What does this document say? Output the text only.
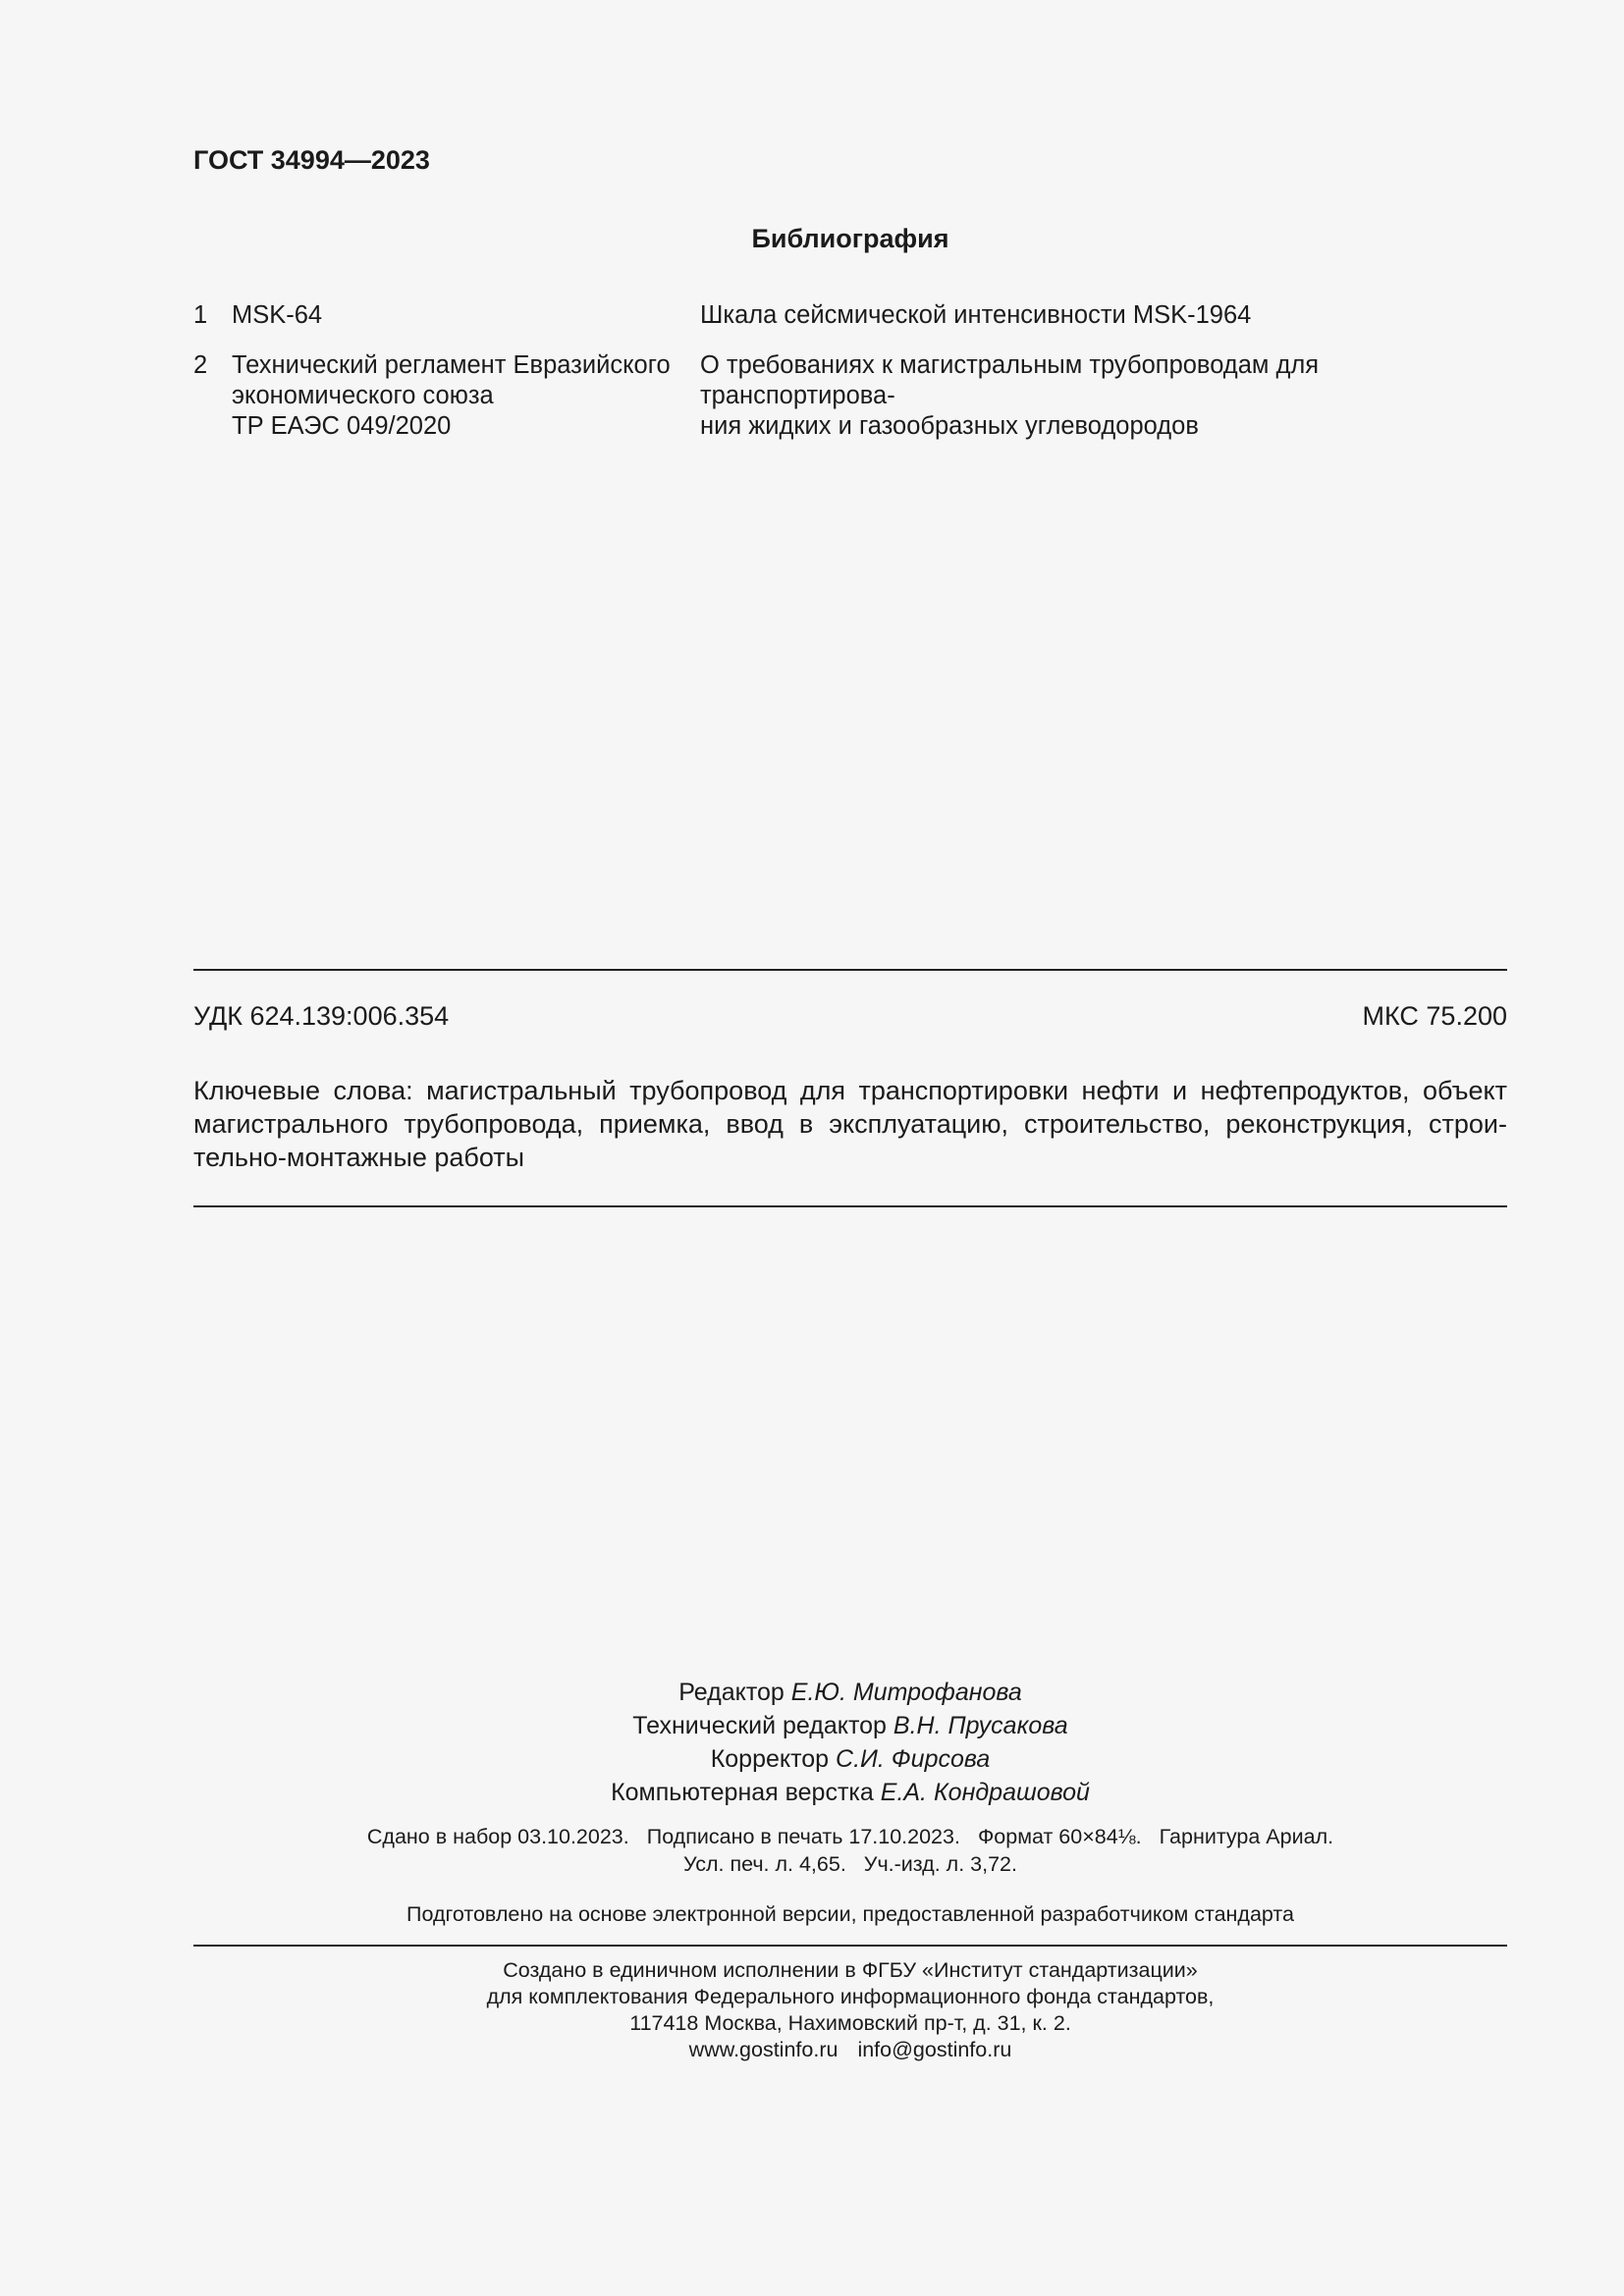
ГОСТ 34994—2023
Библиография
1 MSK-64	Шкала сейсмической интенсивности MSK-1964
2 Технический регламент Евразийского
экономического союза
ТР ЕАЭС 049/2020
О требованиях к магистральным трубопроводам для транспортирова-
ния жидких и газообразных углеводородов
УДК 624.139:006.354	МКС 75.200
Ключевые слова: магистральный трубопровод для транспортировки нефти и нефтепродуктов, объект магистрального трубопровода, приемка, ввод в эксплуатацию, строительство, реконструкция, строительно-монтажные работы
Редактор Е.Ю. Митрофанова
Технический редактор В.Н. Прусакова
Корректор С.И. Фирсова
Компьютерная верстка Е.А. Кондрашовой
Сдано в набор 03.10.2023. Подписано в печать 17.10.2023. Формат 60×84⅛. Гарнитура Ариал.
Усл. печ. л. 4,65. Уч.-изд. л. 3,72.
Подготовлено на основе электронной версии, предоставленной разработчиком стандарта
Создано в единичном исполнении в ФГБУ «Институт стандартизации»
для комплектования Федерального информационного фонда стандартов,
117418 Москва, Нахимовский пр-т, д. 31, к. 2.
www.gostinfo.ru info@gostinfo.ru
